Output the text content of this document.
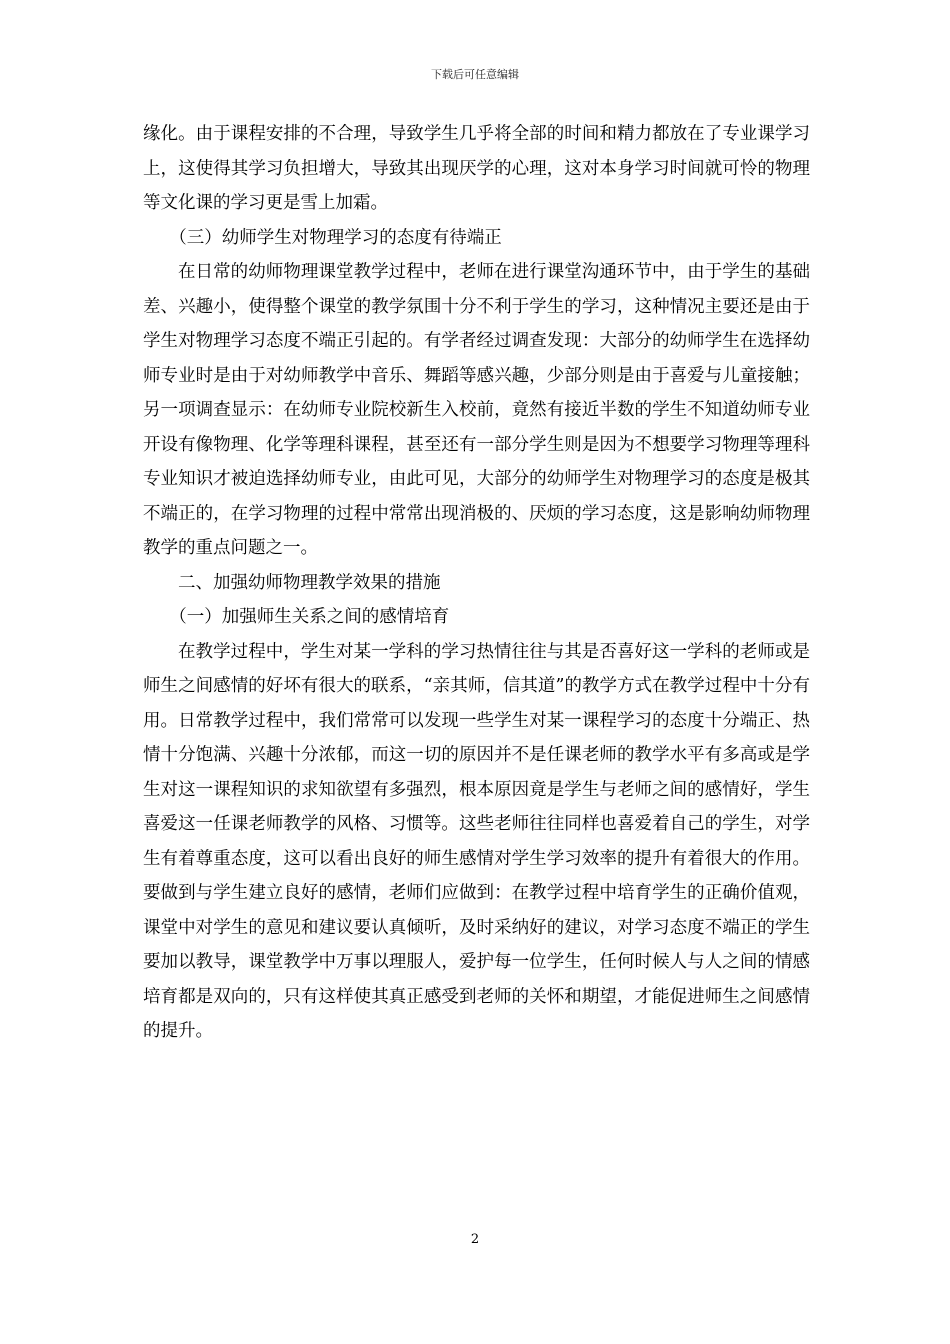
下载后可任意编辑

缘化。由于课程安排的不合理，导致学生几乎将全部的时间和精力都放在了专业课学习上，这使得其学习负担增大，导致其出现厌学的心理，这对本身学习时间就可怜的物理等文化课的学习更是雪上加霜。

（三）幼师学生对物理学习的态度有待端正

在日常的幼师物理课堂教学过程中，老师在进行课堂沟通环节中，由于学生的基础差、兴趣小，使得整个课堂的教学氛围十分不利于学生的学习，这种情况主要还是由于学生对物理学习态度不端正引起的。有学者经过调查发现：大部分的幼师学生在选择幼师专业时是由于对幼师教学中音乐、舞蹈等感兴趣，少部分则是由于喜爱与儿童接触；另一项调查显示：在幼师专业院校新生入校前，竟然有接近半数的学生不知道幼师专业开设有像物理、化学等理科课程，甚至还有一部分学生则是因为不想要学习物理等理科专业知识才被迫选择幼师专业，由此可见，大部分的幼师学生对物理学习的态度是极其不端正的，在学习物理的过程中常常出现消极的、厌烦的学习态度，这是影响幼师物理教学的重点问题之一。

二、加强幼师物理教学效果的措施

（一）加强师生关系之间的感情培育

在教学过程中，学生对某一学科的学习热情往往与其是否喜好这一学科的老师或是师生之间感情的好坏有很大的联系，“亲其师，信其道”的教学方式在教学过程中十分有用。日常教学过程中，我们常常可以发现一些学生对某一课程学习的态度十分端正、热情十分饱满、兴趣十分浓郁，而这一切的原因并不是任课老师的教学水平有多高或是学生对这一课程知识的求知欲望有多强烈，根本原因竟是学生与老师之间的感情好，学生喜爱这一任课老师教学的风格、习惯等。这些老师往往同样也喜爱着自己的学生，对学生有着尊重态度，这可以看出良好的师生感情对学生学习效率的提升有着很大的作用。要做到与学生建立良好的感情，老师们应做到：在教学过程中培育学生的正确价值观，课堂中对学生的意见和建议要认真倾听，及时采纳好的建议，对学习态度不端正的学生要加以教导，课堂教学中万事以理服人，爱护每一位学生，任何时候人与人之间的情感培育都是双向的，只有这样使其真正感受到老师的关怀和期望，才能促进师生之间感情的提升。

2
